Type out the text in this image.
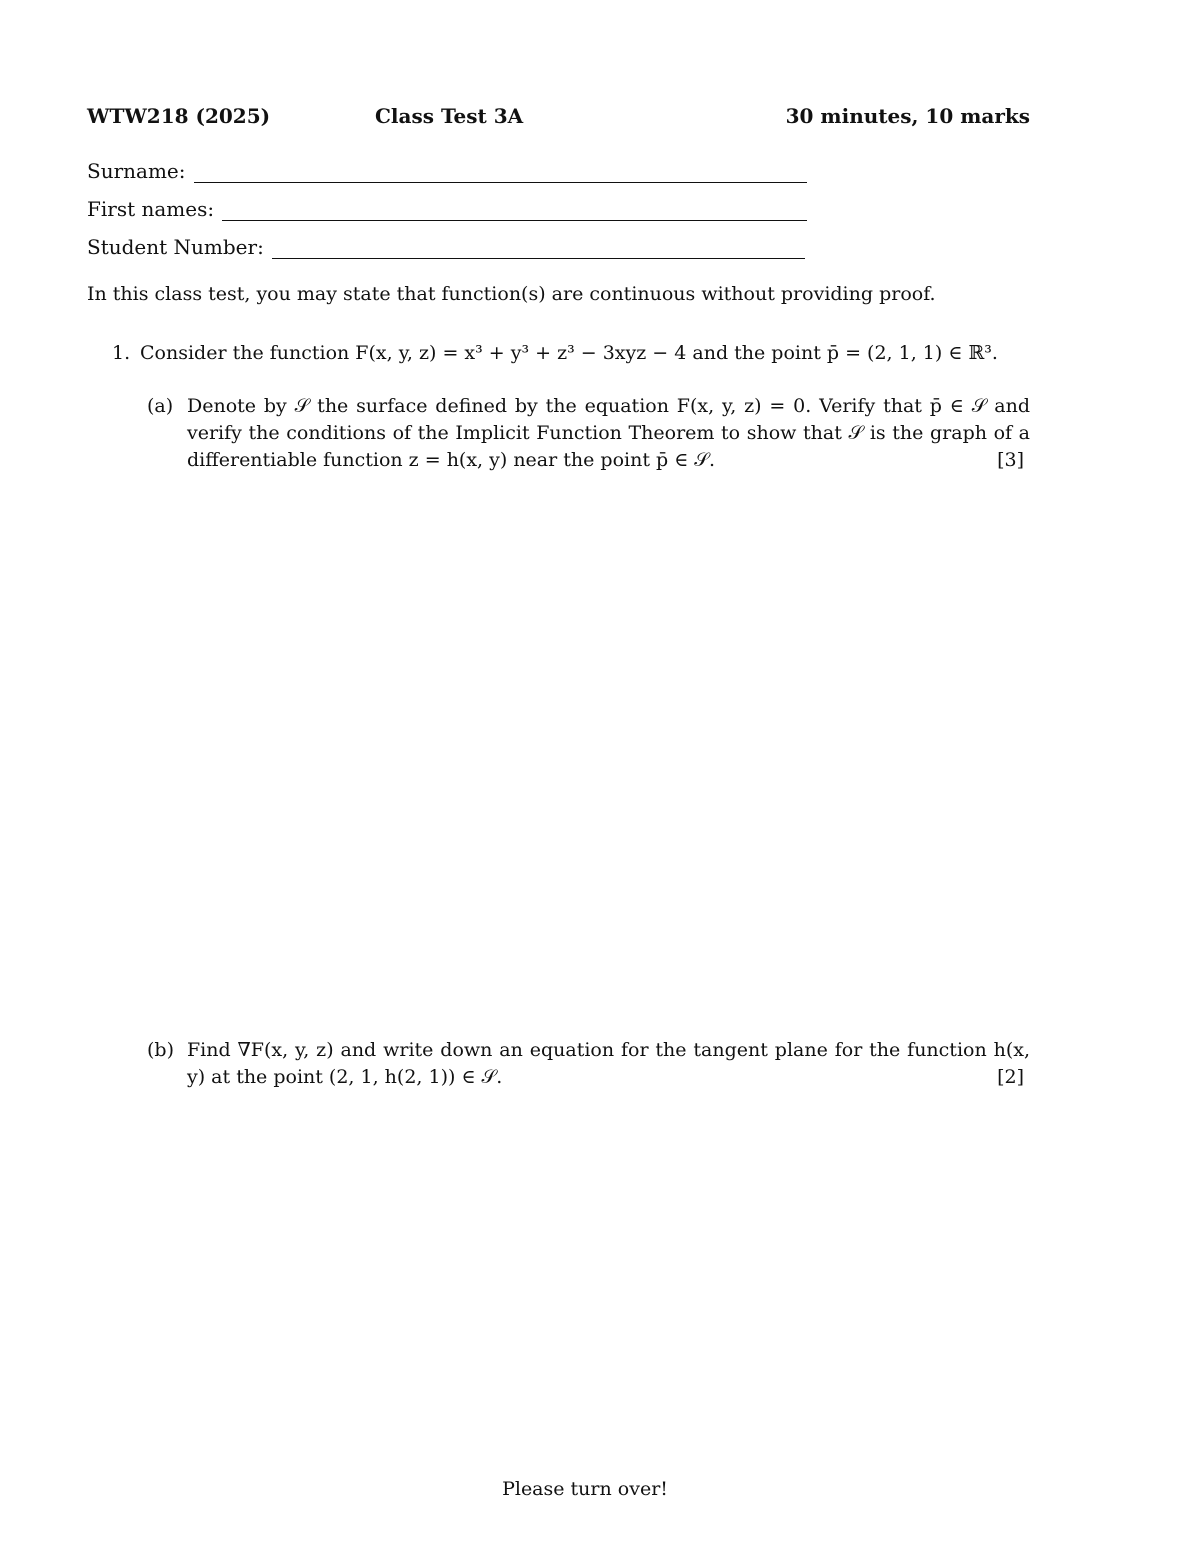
WTW218 (2025)	Class Test 3A	30 minutes, 10 marks
Surname:
First names:
Student Number:
In this class test, you may state that function(s) are continuous without providing proof.
1. Consider the function F(x, y, z) = x³ + y³ + z³ − 3xyz − 4 and the point p̄ = (2, 1, 1) ∈ ℝ³.
(a) Denote by 𝒮 the surface defined by the equation F(x, y, z) = 0. Verify that p̄ ∈ 𝒮 and verify the conditions of the Implicit Function Theorem to show that 𝒮 is the graph of a differentiable function z = h(x, y) near the point p̄ ∈ 𝒮.	[3]
(b) Find ∇F(x, y, z) and write down an equation for the tangent plane for the function h(x, y) at the point (2, 1, h(2, 1)) ∈ 𝒮.	[2]
Please turn over!
